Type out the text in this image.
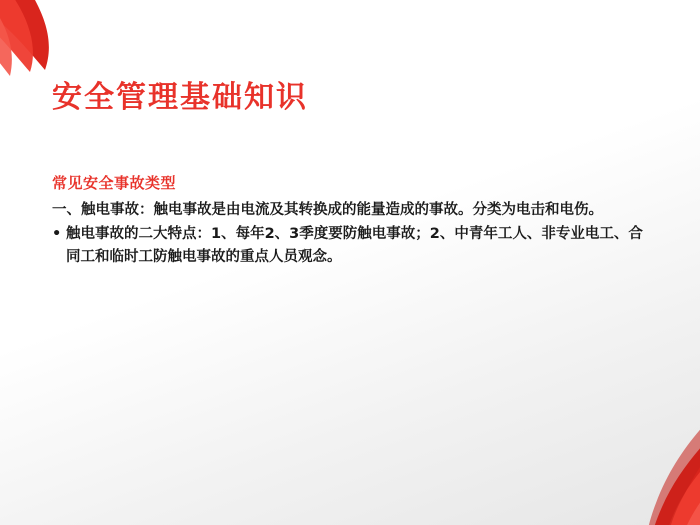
安全管理基础知识
常见安全事故类型

一、触电事故：触电事故是由电流及其转换成的能量造成的事故。分类为电击和电伤。

• 触电事故的二大特点：1、每年2、3季度要防触电事故；2、中青年工人、非专业电工、合同工和临时工防触电事故的重点人员观念。
